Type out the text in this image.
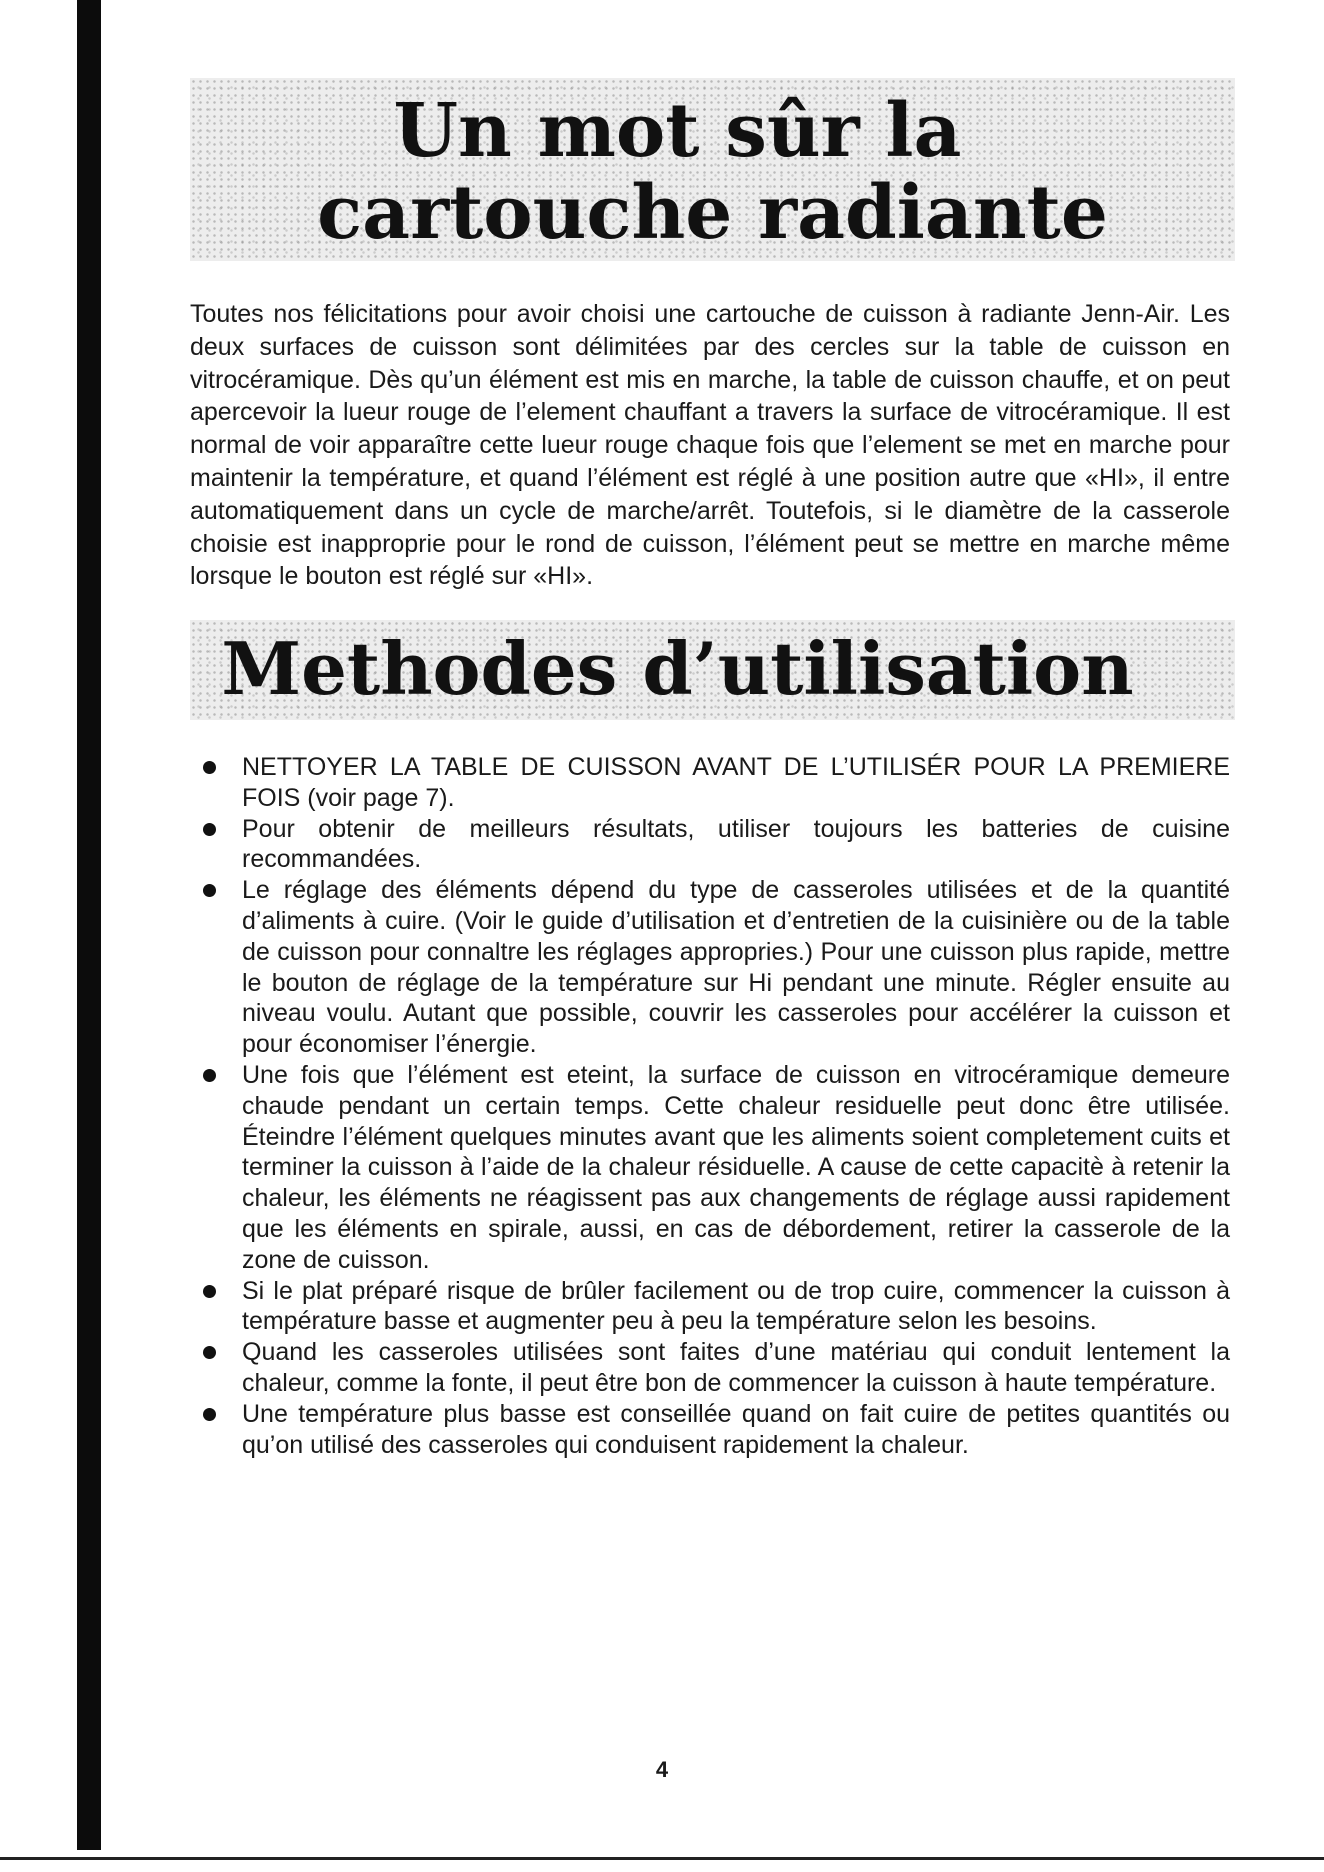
Un mot sûr la

cartouche radiante

Toutes nos félicitations pour avoir choisi une cartouche de cuisson à radiante Jenn-Air. Les deux surfaces de cuisson sont délimitées par des cercles sur la table de cuisson en vitrocéramique. Dès qu’un élément est mis en marche, la table de cuisson chauffe, et on peut apercevoir la lueur rouge de l’element chauffant a travers la surface de vitrocéramique. Il est normal de voir apparaître cette lueur rouge chaque fois que l’element se met en marche pour maintenir la température, et quand l’élément est réglé à une position autre que «HI», il entre automatiquement dans un cycle de marche/arrêt. Toutefois, si le diamètre de la casserole choisie est inapproprie pour le rond de cuisson, l’élément peut se mettre en marche même lorsque le bouton est réglé sur «HI».

Methodes d’utilisation

NETTOYER LA TABLE DE CUISSON AVANT DE L’UTILISÉR POUR LA PREMIERE FOIS (voir page 7).
Pour obtenir de meilleurs résultats, utiliser toujours les batteries de cuisine recommandées.
Le réglage des éléments dépend du type de casseroles utilisées et de la quantité d’aliments à cuire. (Voir le guide d’utilisation et d’entretien de la cuisinière ou de la table de cuisson pour connaltre les réglages appropries.) Pour une cuisson plus rapide, mettre le bouton de réglage de la température sur Hi pendant une minute. Régler ensuite au niveau voulu. Autant que possible, couvrir les casseroles pour accélérer la cuisson et pour économiser l’énergie.
Une fois que l’élément est eteint, la surface de cuisson en vitrocéramique demeure chaude pendant un certain temps. Cette chaleur residuelle peut donc être utilisée. Éteindre l’élément quelques minutes avant que les aliments soient completement cuits et terminer la cuisson à l’aide de la chaleur résiduelle. A cause de cette capacitè à retenir la chaleur, les éléments ne réagissent pas aux changements de réglage aussi rapidement que les éléments en spirale, aussi, en cas de débordement, retirer la casserole de la zone de cuisson.
Si le plat préparé risque de brûler facilement ou de trop cuire, commencer la cuisson à température basse et augmenter peu à peu la température selon les besoins.
Quand les casseroles utilisées sont faites d’une matériau qui conduit lentement la chaleur, comme la fonte, il peut être bon de commencer la cuisson à haute température.
Une température plus basse est conseillée quand on fait cuire de petites quantités ou qu’on utilisé des casseroles qui conduisent rapidement la chaleur.

4
